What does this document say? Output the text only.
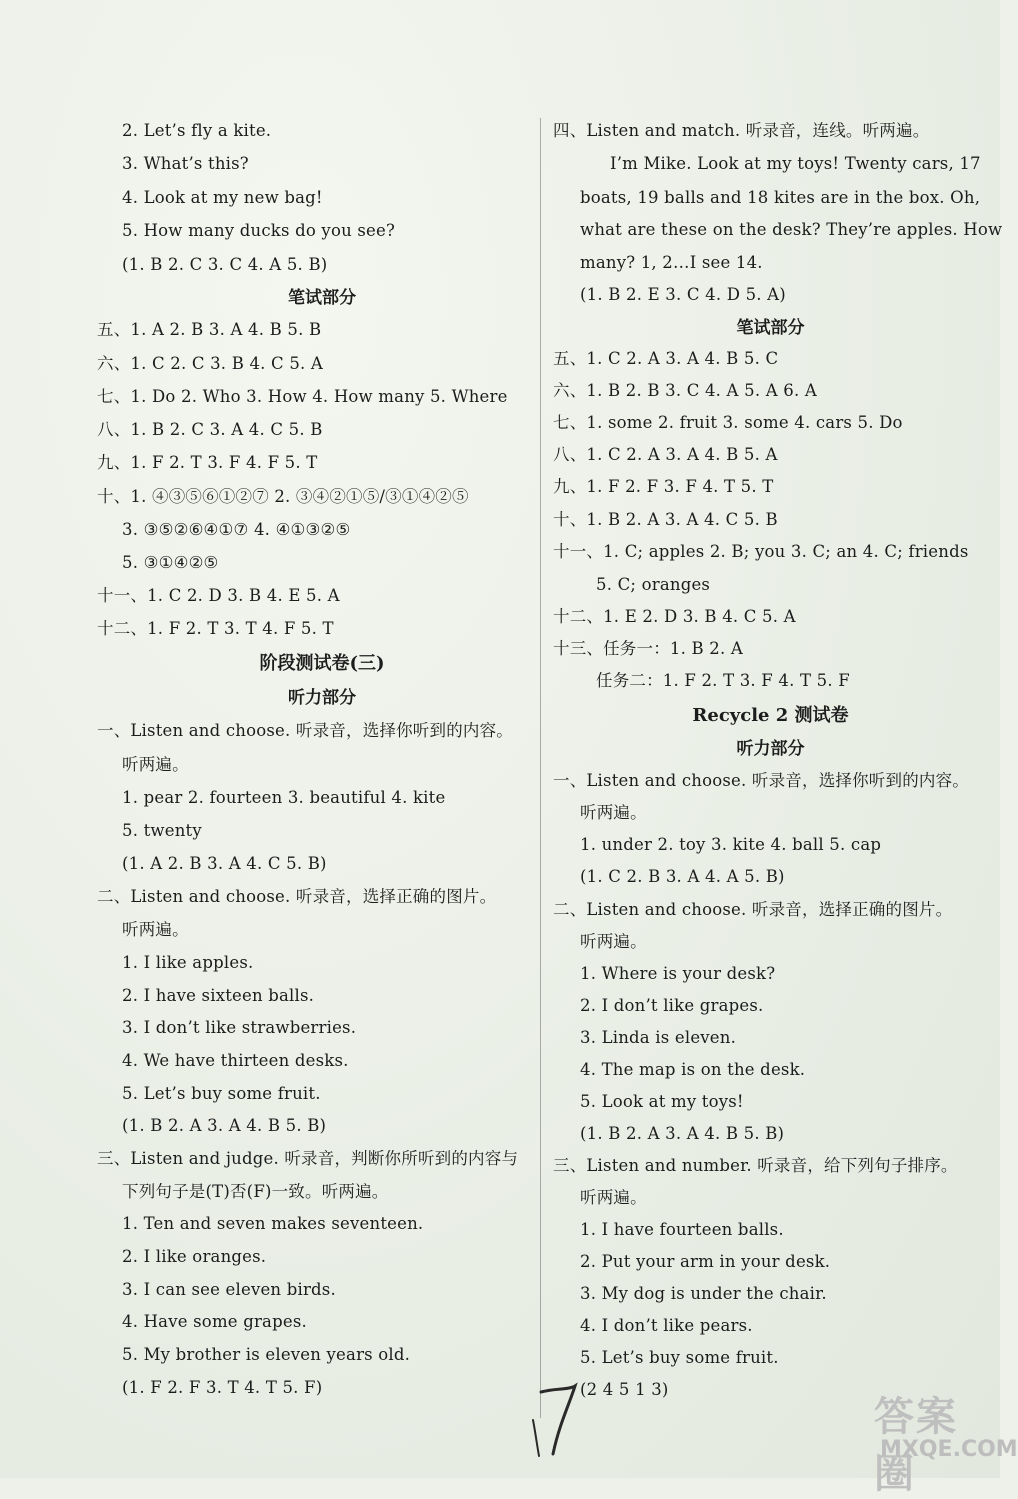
2. Let’s fly a kite.
3. What’s this?
4. Look at my new bag!
5. How many ducks do you see?
(1. B 2. C 3. C 4. A 5. B)
笔试部分
五、1. A 2. B 3. A 4. B 5. B
六、1. C 2. C 3. B 4. C 5. A
七、1. Do 2. Who 3. How 4. How many 5. Where
八、1. B 2. C 3. A 4. C 5. B
九、1. F 2. T 3. F 4. F 5. T
十、1. ④③⑤⑥①②⑦ 2. ③④②①⑤/③①④②⑤
3. ③⑤②⑥④①⑦ 4. ④①③②⑤
5. ③①④②⑤
十一、1. C 2. D 3. B 4. E 5. A
十二、1. F 2. T 3. T 4. F 5. T
阶段测试卷(三)
听力部分
一、Listen and choose. 听录音，选择你听到的内容。
听两遍。
1. pear 2. fourteen 3. beautiful 4. kite
5. twenty
(1. A 2. B 3. A 4. C 5. B)
二、Listen and choose. 听录音，选择正确的图片。
听两遍。
1. I like apples.
2. I have sixteen balls.
3. I don’t like strawberries.
4. We have thirteen desks.
5. Let’s buy some fruit.
(1. B 2. A 3. A 4. B 5. B)
三、Listen and judge. 听录音，判断你所听到的内容与
下列句子是(T)否(F)一致。听两遍。
1. Ten and seven makes seventeen.
2. I like oranges.
3. I can see eleven birds.
4. Have some grapes.
5. My brother is eleven years old.
(1. F 2. F 3. T 4. T 5. F)
四、Listen and match. 听录音，连线。听两遍。
I’m Mike. Look at my toys! Twenty cars, 17
boats, 19 balls and 18 kites are in the box. Oh,
what are these on the desk? They’re apples. How
many? 1, 2…I see 14.
(1. B 2. E 3. C 4. D 5. A)
笔试部分
五、1. C 2. A 3. A 4. B 5. C
六、1. B 2. B 3. C 4. A 5. A 6. A
七、1. some 2. fruit 3. some 4. cars 5. Do
八、1. C 2. A 3. A 4. B 5. A
九、1. F 2. F 3. F 4. T 5. T
十、1. B 2. A 3. A 4. C 5. B
十一、1. C; apples 2. B; you 3. C; an 4. C; friends
5. C; oranges
十二、1. E 2. D 3. B 4. C 5. A
十三、任务一：1. B 2. A
任务二：1. F 2. T 3. F 4. T 5. F
Recycle 2 测试卷
听力部分
一、Listen and choose. 听录音，选择你听到的内容。
听两遍。
1. under 2. toy 3. kite 4. ball 5. cap
(1. C 2. B 3. A 4. A 5. B)
二、Listen and choose. 听录音，选择正确的图片。
听两遍。
1. Where is your desk?
2. I don’t like grapes.
3. Linda is eleven.
4. The map is on the desk.
5. Look at my toys!
(1. B 2. A 3. A 4. B 5. B)
三、Listen and number. 听录音，给下列句子排序。
听两遍。
1. I have fourteen balls.
2. Put your arm in your desk.
3. My dog is under the chair.
4. I don’t like pears.
5. Let’s buy some fruit.
(2 4 5 1 3)
答案圈
MXQE.COM
